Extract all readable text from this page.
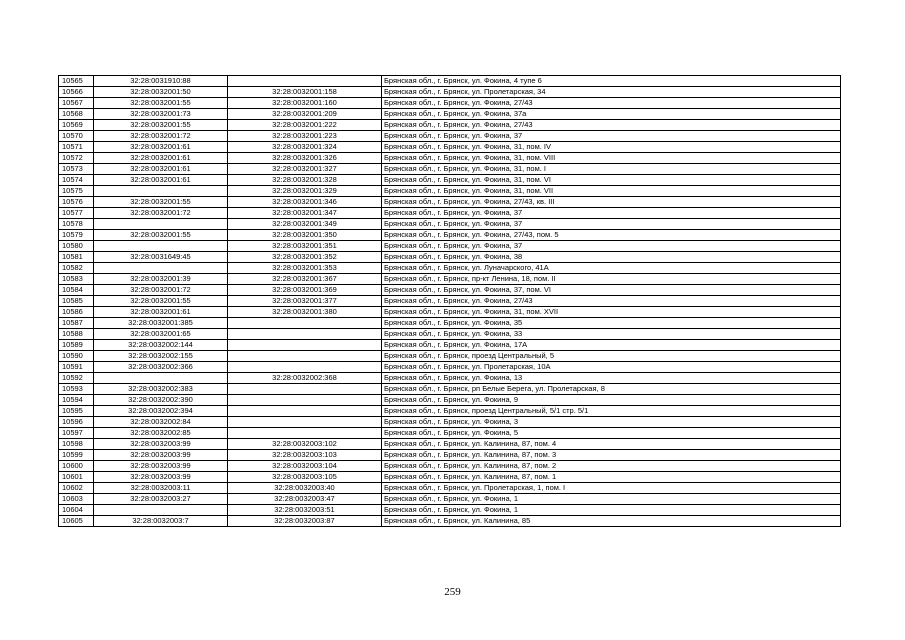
10565	32:28:0031910:88		Брянская обл., г. Брянск, ул. Фокина, 4 тупе 6
10566	32:28:0032001:50	32:28:0032001:158	Брянская обл., г. Брянск, ул. Пролетарская, 34
10567	32:28:0032001:55	32:28:0032001:160	Брянская обл., г. Брянск, ул. Фокина, 27/43
10568	32:28:0032001:73	32:28:0032001:209	Брянская обл., г. Брянск, ул. Фокина, 37а
10569	32:28:0032001:55	32:28:0032001:222	Брянская обл., г. Брянск, ул. Фокина, 27/43
10570	32:28:0032001:72	32:28:0032001:223	Брянская обл., г. Брянск, ул. Фокина, 37
10571	32:28:0032001:61	32:28:0032001:324	Брянская обл., г. Брянск, ул. Фокина, 31, пом. IV
10572	32:28:0032001:61	32:28:0032001:326	Брянская обл., г. Брянск, ул. Фокина, 31, пом. VIII
10573	32:28:0032001:61	32:28:0032001:327	Брянская обл., г. Брянск, ул. Фокина, 31, пом. I
10574	32:28:0032001:61	32:28:0032001:328	Брянская обл., г. Брянск, ул. Фокина, 31, пом. VI
10575		32:28:0032001:329	Брянская обл., г. Брянск, ул. Фокина, 31, пом. VII
10576	32:28:0032001:55	32:28:0032001:346	Брянская обл., г. Брянск, ул. Фокина, 27/43, кв. III
10577	32:28:0032001:72	32:28:0032001:347	Брянская обл., г. Брянск, ул. Фокина, 37
10578		32:28:0032001:349	Брянская обл., г. Брянск, ул. Фокина, 37
10579	32:28:0032001:55	32:28:0032001:350	Брянская обл., г. Брянск, ул. Фокина, 27/43, пом. 5
10580		32:28:0032001:351	Брянская обл., г. Брянск, ул. Фокина, 37
10581	32:28:0031649:45	32:28:0032001:352	Брянская обл., г. Брянск, ул. Фокина, 38
10582		32:28:0032001:353	Брянская обл., г. Брянск, ул. Луначарского, 41А
10583	32:28:0032001:39	32:28:0032001:367	Брянская обл., г. Брянск, пр-кт Ленина, 18, пом. II
10584	32:28:0032001:72	32:28:0032001:369	Брянская обл., г. Брянск, ул. Фокина, 37, пом. VI
10585	32:28:0032001:55	32:28:0032001:377	Брянская обл., г. Брянск, ул. Фокина, 27/43
10586	32:28:0032001:61	32:28:0032001:380	Брянская обл., г. Брянск, ул. Фокина, 31, пом. XVII
10587	32:28:0032001:385		Брянская обл., г. Брянск, ул. Фокина, 35
10588	32:28:0032001:65		Брянская обл., г. Брянск, ул. Фокина, 33
10589	32:28:0032002:144		Брянская обл., г. Брянск, ул. Фокина, 17А
10590	32:28:0032002:155		Брянская обл., г. Брянск, проезд Центральный, 5
10591	32:28:0032002:366		Брянская обл., г. Брянск, ул. Пролетарская, 10А
10592		32:28:0032002:368	Брянская обл., г. Брянск, ул. Фокина, 13
10593	32:28:0032002:383		Брянская обл., г. Брянск, рп Белые Берега, ул. Пролетарская, 8
10594	32:28:0032002:390		Брянская обл., г. Брянск, ул. Фокина, 9
10595	32:28:0032002:394		Брянская обл., г. Брянск, проезд Центральный, 5/1 стр. 5/1
10596	32:28:0032002:84		Брянская обл., г. Брянск, ул. Фокина, 3
10597	32:28:0032002:85		Брянская обл., г. Брянск, ул. Фокина, 5
10598	32:28:0032003:99	32:28:0032003:102	Брянская обл., г. Брянск, ул. Калинина, 87, пом. 4
10599	32:28:0032003:99	32:28:0032003:103	Брянская обл., г. Брянск, ул. Калинина, 87, пом. 3
10600	32:28:0032003:99	32:28:0032003:104	Брянская обл., г. Брянск, ул. Калинина, 87, пом. 2
10601	32:28:0032003:99	32:28:0032003:105	Брянская обл., г. Брянск, ул. Калинина, 87, пом. 1
10602	32:28:0032003:11	32:28:0032003:40	Брянская обл., г. Брянск, ул. Пролетарская, 1, пом. I
10603	32:28:0032003:27	32:28:0032003:47	Брянская обл., г. Брянск, ул. Фокина, 1
10604		32:28:0032003:51	Брянская обл., г. Брянск, ул. Фокина, 1
10605	32:28:0032003:7	32:28:0032003:87	Брянская обл., г. Брянск, ул. Калинина, 85
259
